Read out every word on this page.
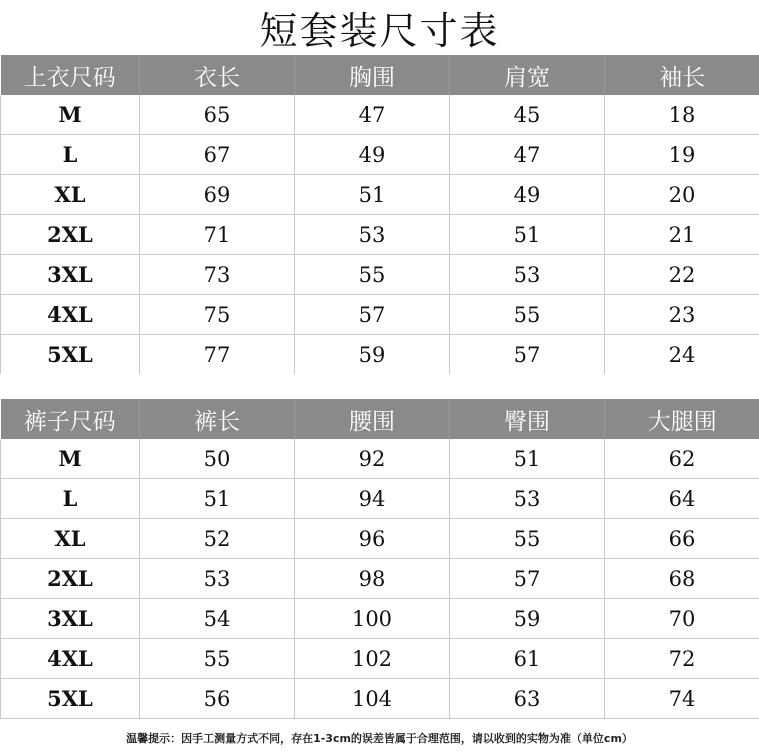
短套装尺寸表
上衣尺码	衣长	胸围	肩宽	袖长
M	65	47	45	18
L	67	49	47	19
XL	69	51	49	20
2XL	71	53	51	21
3XL	73	55	53	22
4XL	75	57	55	23
5XL	77	59	57	24
裤子尺码	裤长	腰围	臀围	大腿围
M	50	92	51	62
L	51	94	53	64
XL	52	96	55	66
2XL	53	98	57	68
3XL	54	100	59	70
4XL	55	102	61	72
5XL	56	104	63	74
温馨提示：因手工测量方式不同，存在1-3cm的误差皆属于合理范围，请以收到的实物为准（单位cm）
